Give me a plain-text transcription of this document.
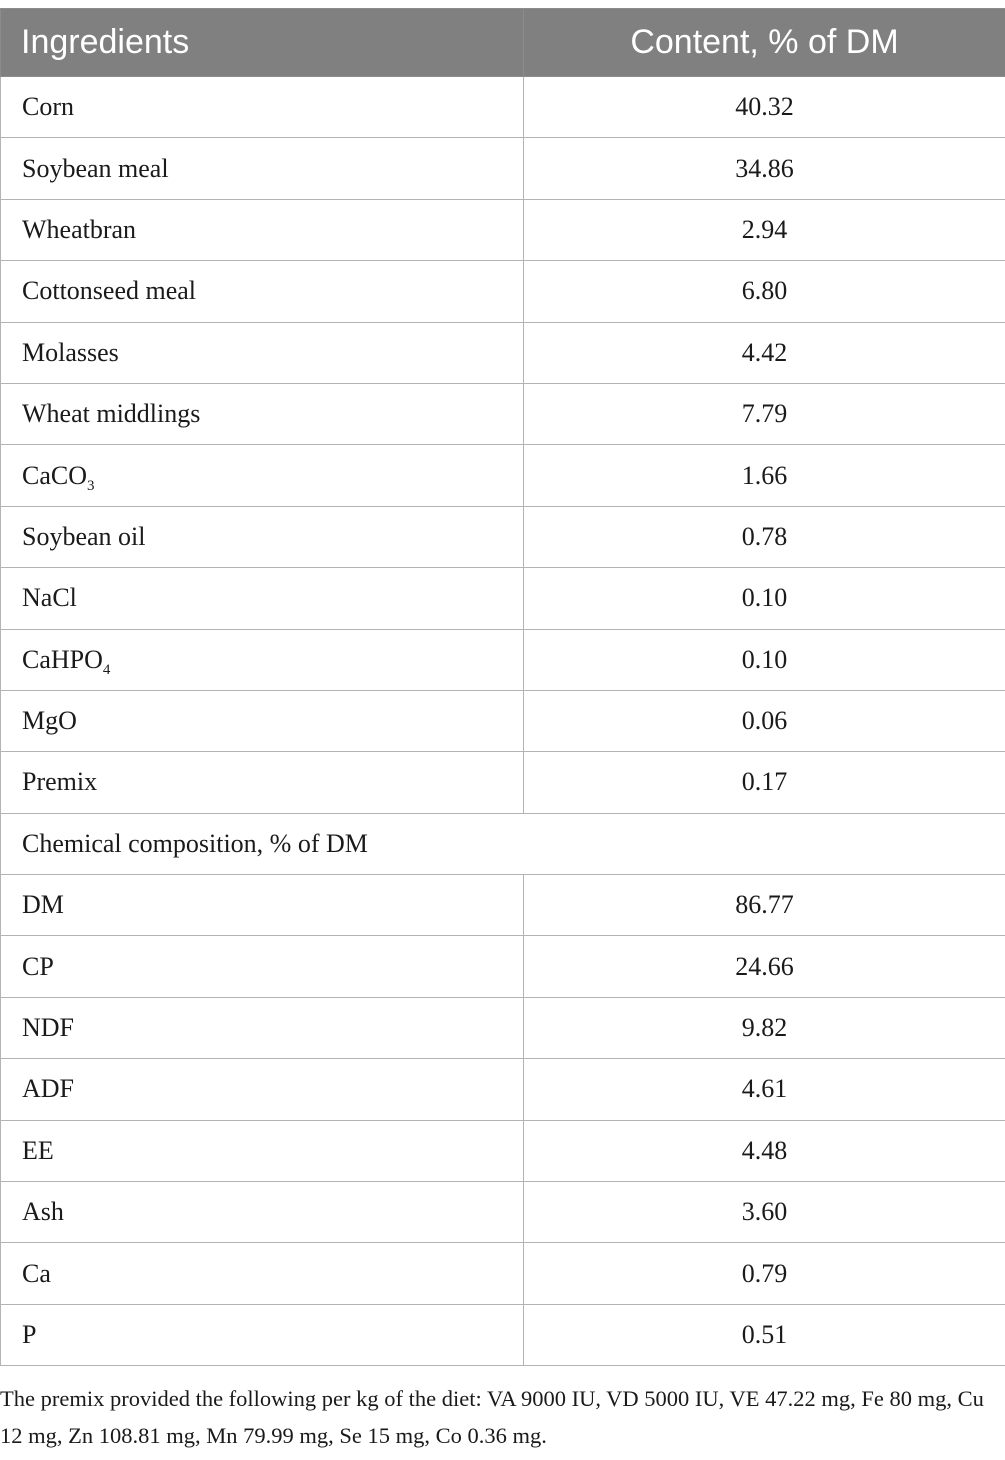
Ingredients	Content, % of DM
Corn	40.32
Soybean meal	34.86
Wheatbran	2.94
Cottonseed meal	6.80
Molasses	4.42
Wheat middlings	7.79
CaCO$_3$	1.66
Soybean oil	0.78
NaCl	0.10
CaHPO$_4$	0.10
MgO	0.06
Premix	0.17
Chemical composition, % of DM	
DM	86.77
CP	24.66
NDF	9.82
ADF	4.61
EE	4.48
Ash	3.60
Ca	0.79
P	0.51

The premix provided the following per kg of the diet: VA 9000 IU, VD 5000 IU, VE 47.22 mg, Fe 80 mg, Cu 12 mg, Zn 108.81 mg, Mn 79.99 mg, Se 15 mg, Co 0.36 mg.
